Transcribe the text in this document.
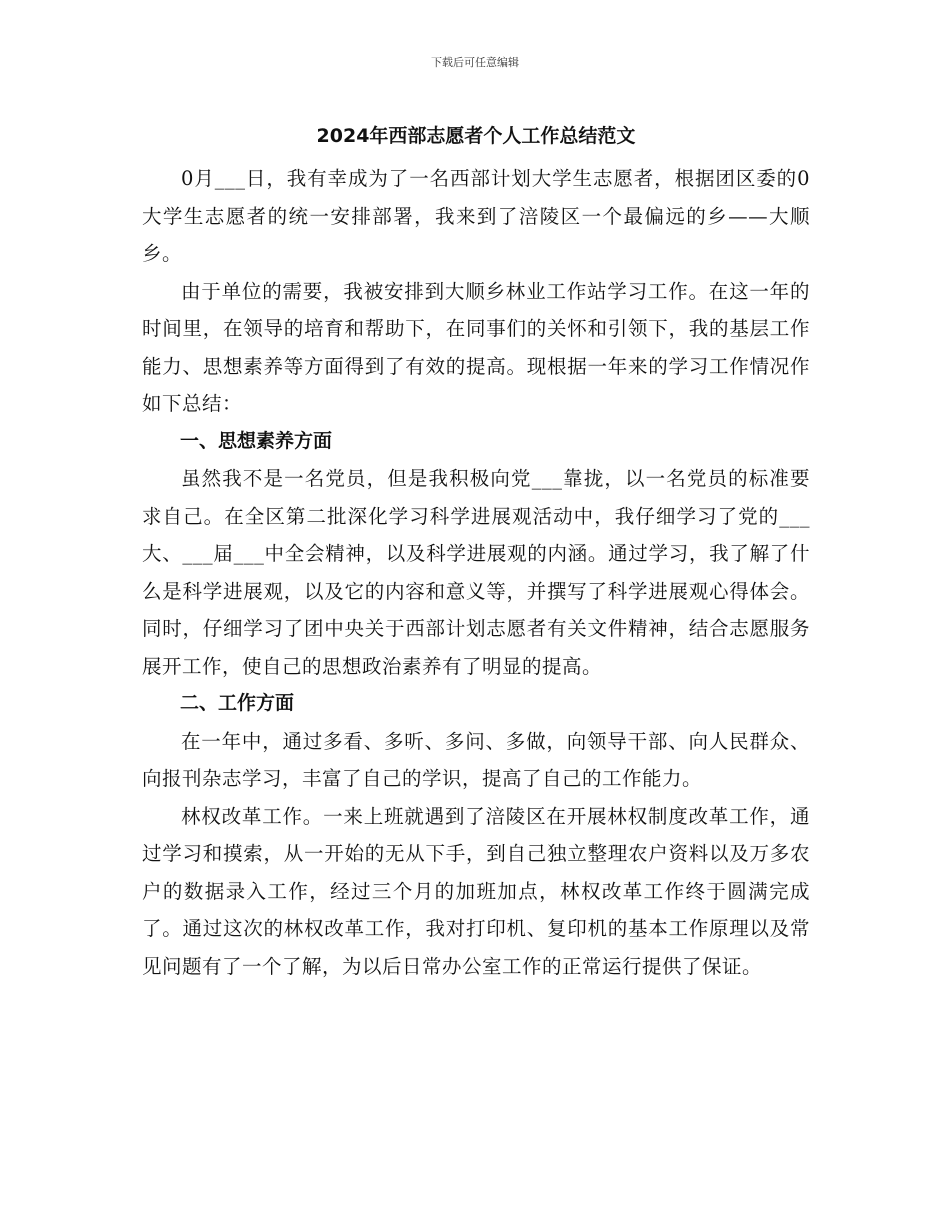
下载后可任意编辑
2024年西部志愿者个人工作总结范文

0月___日，我有幸成为了一名西部计划大学生志愿者，根据团区委的0大学生志愿者的统一安排部署，我来到了涪陵区一个最偏远的乡——大顺乡。

由于单位的需要，我被安排到大顺乡林业工作站学习工作。在这一年的时间里，在领导的培育和帮助下，在同事们的关怀和引领下，我的基层工作能力、思想素养等方面得到了有效的提高。现根据一年来的学习工作情况作如下总结：

一、思想素养方面

虽然我不是一名党员，但是我积极向党___靠拢，以一名党员的标准要求自己。在全区第二批深化学习科学进展观活动中，我仔细学习了党的___大、___届___中全会精神，以及科学进展观的内涵。通过学习，我了解了什么是科学进展观，以及它的内容和意义等，并撰写了科学进展观心得体会。同时，仔细学习了团中央关于西部计划志愿者有关文件精神，结合志愿服务展开工作，使自己的思想政治素养有了明显的提高。

二、工作方面

在一年中，通过多看、多听、多问、多做，向领导干部、向人民群众、向报刊杂志学习，丰富了自己的学识，提高了自己的工作能力。

林权改革工作。一来上班就遇到了涪陵区在开展林权制度改革工作，通过学习和摸索，从一开始的无从下手，到自己独立整理农户资料以及万多农户的数据录入工作，经过三个月的加班加点，林权改革工作终于圆满完成了。通过这次的林权改革工作，我对打印机、复印机的基本工作原理以及常见问题有了一个了解，为以后日常办公室工作的正常运行提供了保证。
